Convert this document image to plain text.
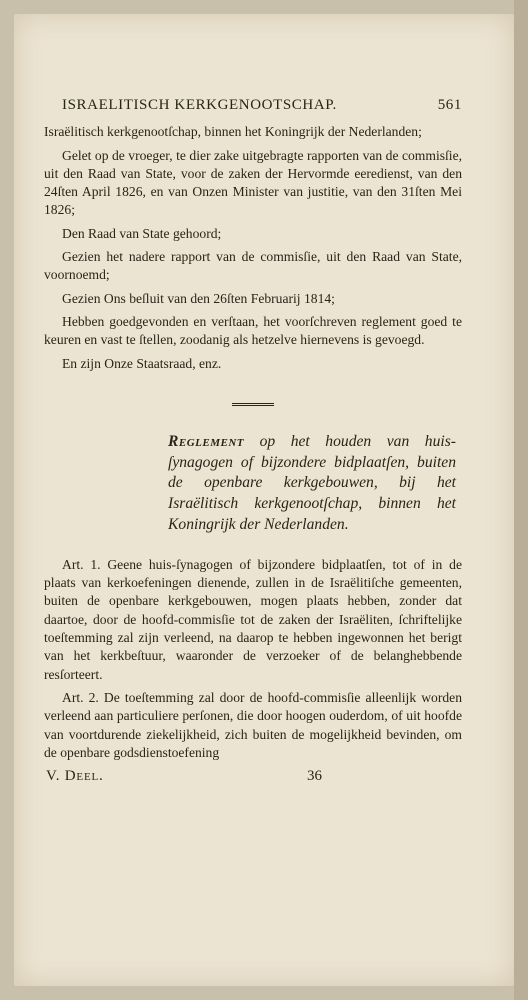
ISRAELITISCH KERKGENOOTSCHAP.	561

Israëlitisch kerkgenootſchap, binnen het Koningrijk der Nederlanden;

Gelet op de vroeger, te dier zake uitgebragte rapporten van de commisſie, uit den Raad van State, voor de zaken der Hervormde eeredienst, van den 24ſten April 1826, en van Onzen Minister van justitie, van den 31ſten Mei 1826;

Den Raad van State gehoord;

Gezien het nadere rapport van de commisſie, uit den Raad van State, voornoemd;

Gezien Ons beſluit van den 26ſten Februarij 1814;

Hebben goedgevonden en verſtaan, het voorſchreven reglement goed te keuren en vast te ſtellen, zoodanig als hetzelve hiernevens is gevoegd.

En zijn Onze Staatsraad, enz.

Reglement op het houden van huis-ſynagogen of bijzondere bidplaatſen, buiten de openbare kerkgebouwen, bij het Israëlitisch kerkgenootſchap, binnen het Koningrijk der Nederlanden.

Art. 1. Geene huis-ſynagogen of bijzondere bidplaatſen, tot of in de plaats van kerkoefeningen dienende, zullen in de Israëlitiſche gemeenten, buiten de openbare kerkgebouwen, mogen plaats hebben, zonder dat daartoe, door de hoofd-commisſie tot de zaken der Israëliten, ſchriftelijke toeſtemming zal zijn verleend, na daarop te hebben ingewonnen het berigt van het kerkbeſtuur, waaronder de verzoeker of de belanghebbende resſorteert.

Art. 2. De toeſtemming zal door de hoofd-commisſie alleenlijk worden verleend aan particuliere perſonen, die door hoogen ouderdom, of uit hoofde van voortdurende ziekelijkheid, zich buiten de mogelijkheid bevinden, om de openbare godsdienstoefening

V. Deel.	36
